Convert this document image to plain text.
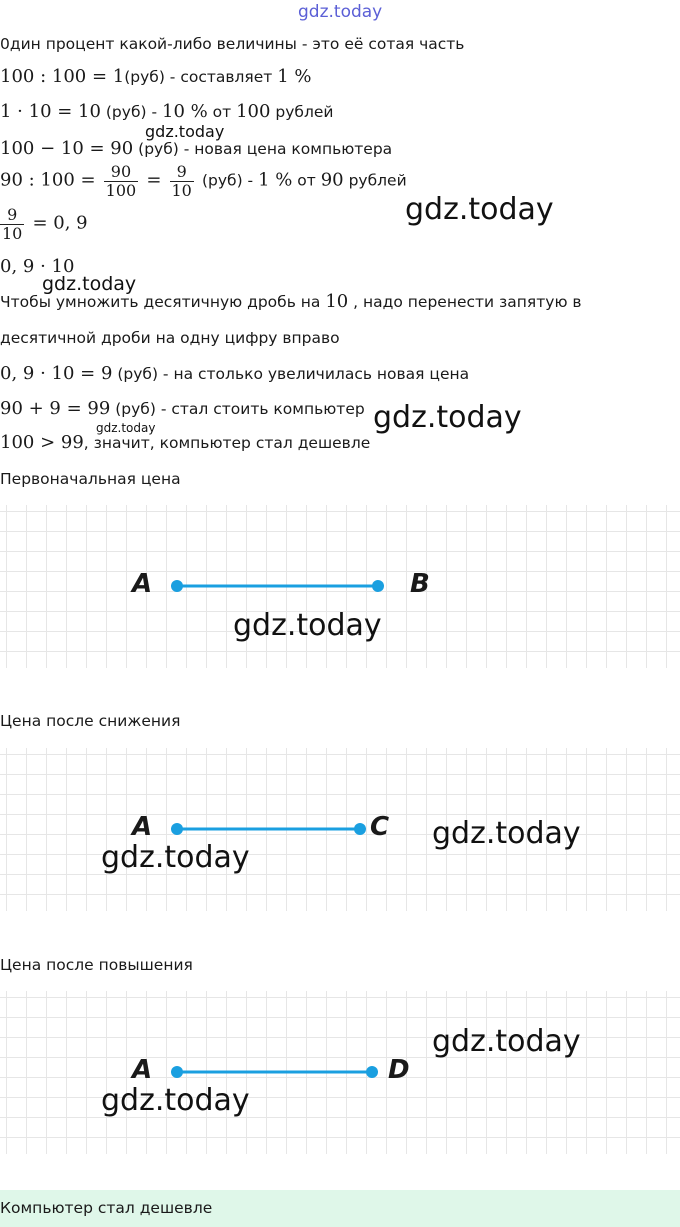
gdz.today
0дин процент какой-либо величины - это её сотая часть
100 : 100 = 1(руб) - составляет 1 %
1 · 10 = 10 (руб) - 10 % от 100 рублей
gdz.today
100 − 10 = 90 (руб) - новая цена компьютера
90 : $100 = \frac{90}{100} = \frac{9}{10} (руб) - 1$ % от 90 рублей
gdz.today
$\frac{9}{10} = 0$, 9
0, 9 · 10
gdz.today
Чтобы умножить десятичную дробь на 10 , надо перенести запятую в
десятичной дроби на одну цифру вправо
0, 9 · 10 = 9 (руб) - на столько увеличилась новая цена
90 + 9 = 99 (руб) - стал стоить компьютер gdz.today
gdz.today
100 > 99, значит, компьютер стал дешевле
Первоначальная цена
A	B
gdz.today
Цена после снижения
A	C gdz.today
gdz.today
Цена после повышения
A	D
gdz.today
gdz.today
Компьютер стал дешевле
